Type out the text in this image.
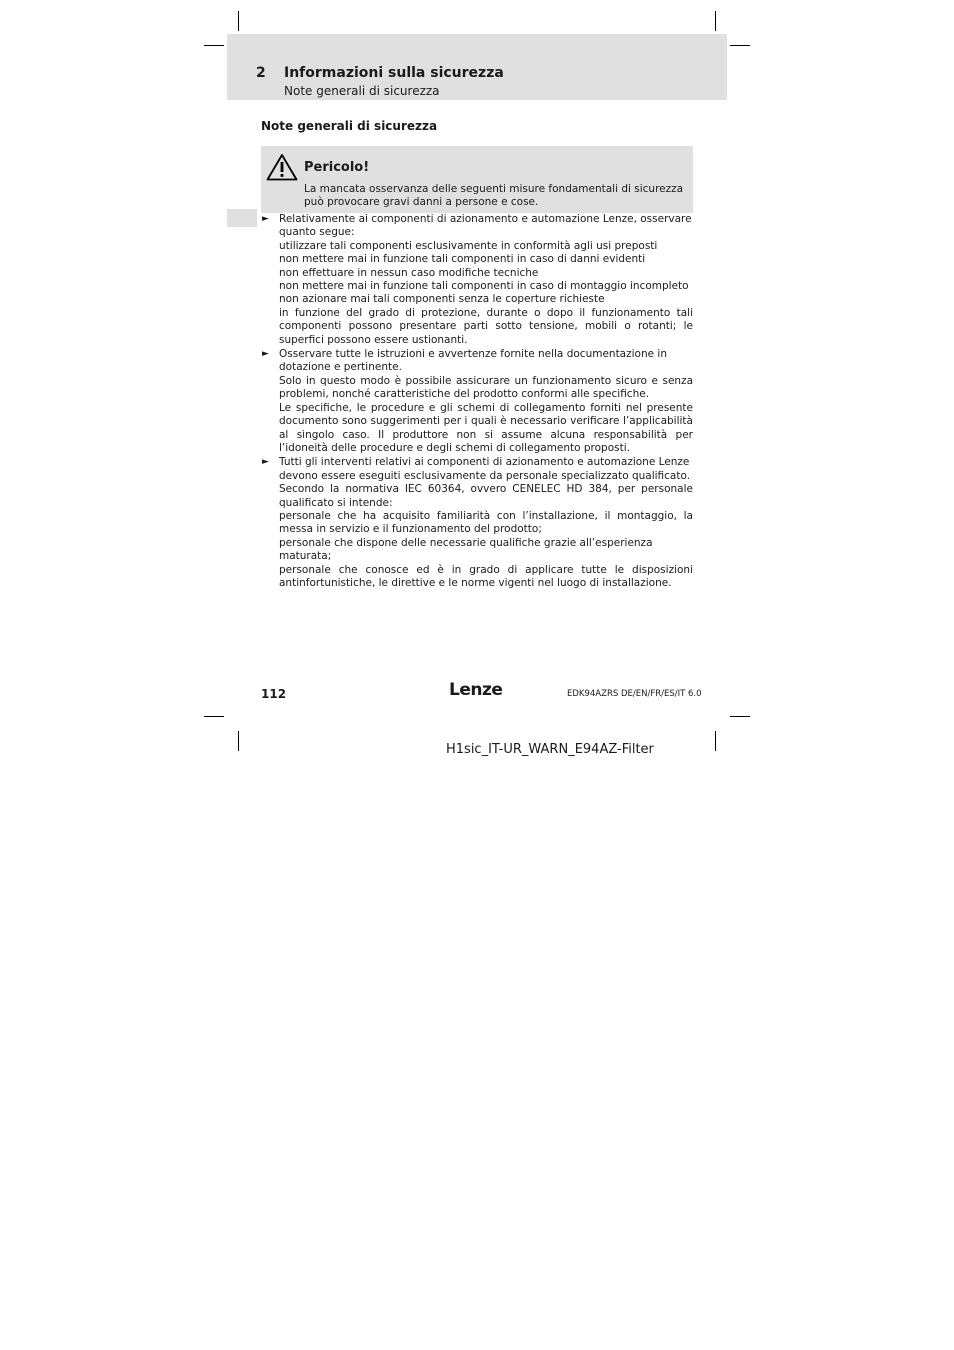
2 Informazioni sulla sicurezza
Note generali di sicurezza
Note generali di sicurezza
Pericolo!
La mancata osservanza delle seguenti misure fondamentali di sicurezza può provocare gravi danni a persone e cose.
► Relativamente ai componenti di azionamento e automazione Lenze, osservare quanto segue:

utilizzare tali componenti esclusivamente in conformità agli usi preposti

non mettere mai in funzione tali componenti in caso di danni evidenti

non effettuare in nessun caso modifiche tecniche

non mettere mai in funzione tali componenti in caso di montaggio incompleto

non azionare mai tali componenti senza le coperture richieste

in funzione del grado di protezione, durante o dopo il funzionamento tali componenti possono presentare parti sotto tensione, mobili o rotanti; le superfici possono essere ustionanti.

► Osservare tutte le istruzioni e avvertenze fornite nella documentazione in dotazione e pertinente.

Solo in questo modo è possibile assicurare un funzionamento sicuro e senza problemi, nonché caratteristiche del prodotto conformi alle specifiche.

Le specifiche, le procedure e gli schemi di collegamento forniti nel presente documento sono suggerimenti per i quali è necessario verificare l’applicabilità al singolo caso. Il produttore non si assume alcuna responsabilità per l’idoneità delle procedure e degli schemi di collegamento proposti.

► Tutti gli interventi relativi ai componenti di azionamento e automazione Lenze devono essere eseguiti esclusivamente da personale specializzato qualificato.

Secondo la normativa IEC 60364, ovvero CENELEC HD 384, per personale qualificato si intende:

personale che ha acquisito familiarità con l’installazione, il montaggio, la messa in servizio e il funzionamento del prodotto;

personale che dispone delle necessarie qualifiche grazie all’esperienza maturata;

personale che conosce ed è in grado di applicare tutte le disposizioni antinfortunistiche, le direttive e le norme vigenti nel luogo di installazione.

112	Lenze	EDK94AZRS DE/EN/FR/ES/IT 6.0
H1sic_IT-UR_WARN_E94AZ-Filter
